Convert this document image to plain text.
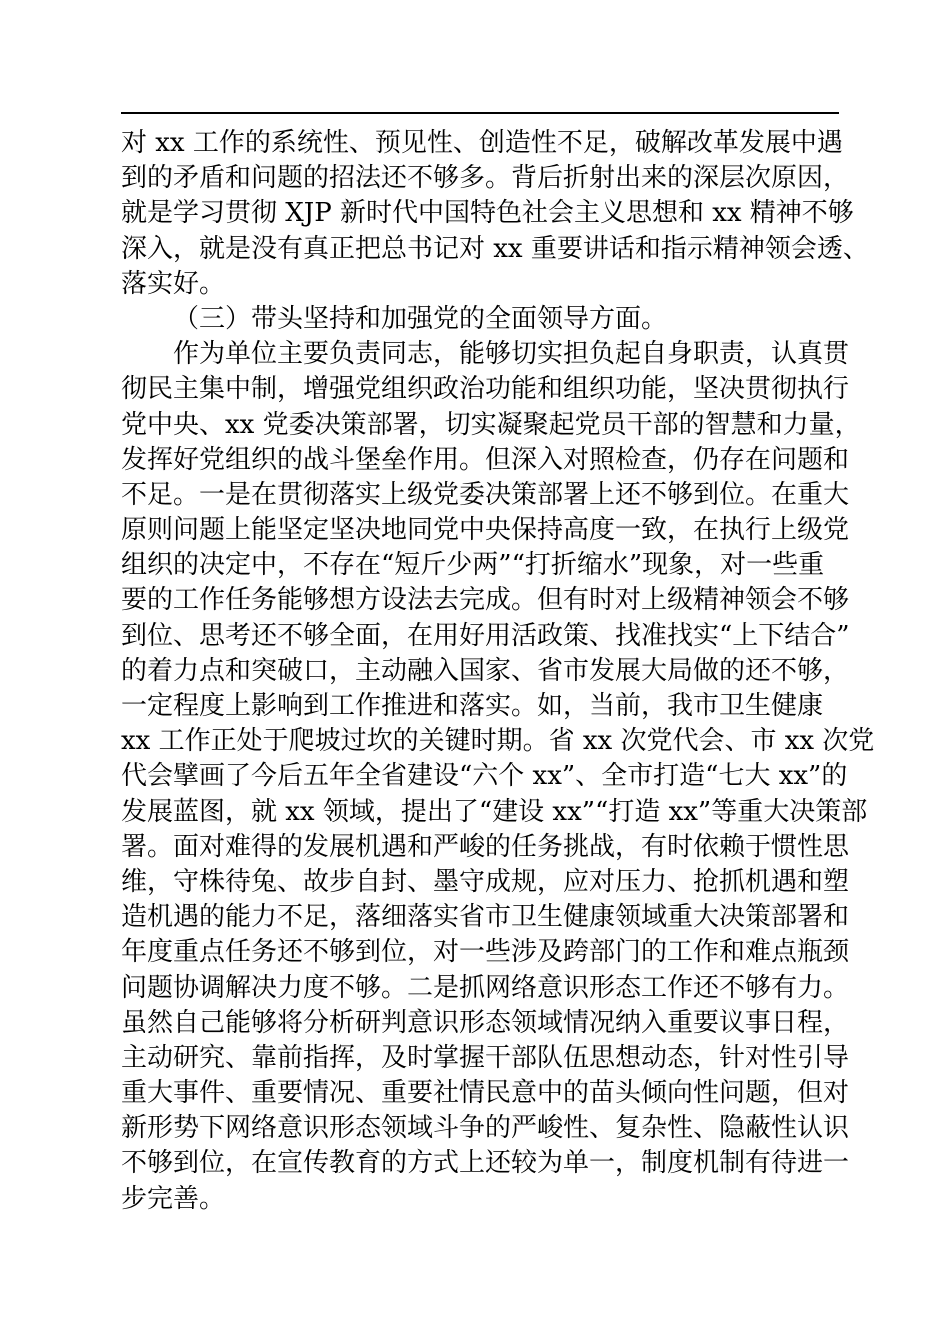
对 xx 工作的系统性、预见性、创造性不足，破解改革发展中遇
到的矛盾和问题的招法还不够多。背后折射出来的深层次原因，
就是学习贯彻 XJP 新时代中国特色社会主义思想和 xx 精神不够
深入，就是没有真正把总书记对 xx 重要讲话和指示精神领会透、
落实好。
（三）带头坚持和加强党的全面领导方面。
作为单位主要负责同志，能够切实担负起自身职责，认真贯
彻民主集中制，增强党组织政治功能和组织功能，坚决贯彻执行
党中央、xx 党委决策部署，切实凝聚起党员干部的智慧和力量，
发挥好党组织的战斗堡垒作用。但深入对照检查，仍存在问题和
不足。一是在贯彻落实上级党委决策部署上还不够到位。在重大
原则问题上能坚定坚决地同党中央保持高度一致，在执行上级党
组织的决定中，不存在“短斤少两”“打折缩水”现象，对一些重
要的工作任务能够想方设法去完成。但有时对上级精神领会不够
到位、思考还不够全面，在用好用活政策、找准找实“上下结合”
的着力点和突破口，主动融入国家、省市发展大局做的还不够，
一定程度上影响到工作推进和落实。如，当前，我市卫生健康
xx 工作正处于爬坡过坎的关键时期。省 xx 次党代会、市 xx 次党
代会擘画了今后五年全省建设“六个 xx”、全市打造“七大 xx”的
发展蓝图，就 xx 领域，提出了“建设 xx”“打造 xx”等重大决策部
署。面对难得的发展机遇和严峻的任务挑战，有时依赖于惯性思
维，守株待兔、故步自封、墨守成规，应对压力、抢抓机遇和塑
造机遇的能力不足，落细落实省市卫生健康领域重大决策部署和
年度重点任务还不够到位，对一些涉及跨部门的工作和难点瓶颈
问题协调解决力度不够。二是抓网络意识形态工作还不够有力。
虽然自己能够将分析研判意识形态领域情况纳入重要议事日程，
主动研究、靠前指挥，及时掌握干部队伍思想动态，针对性引导
重大事件、重要情况、重要社情民意中的苗头倾向性问题，但对
新形势下网络意识形态领域斗争的严峻性、复杂性、隐蔽性认识
不够到位，在宣传教育的方式上还较为单一，制度机制有待进一
步完善。
